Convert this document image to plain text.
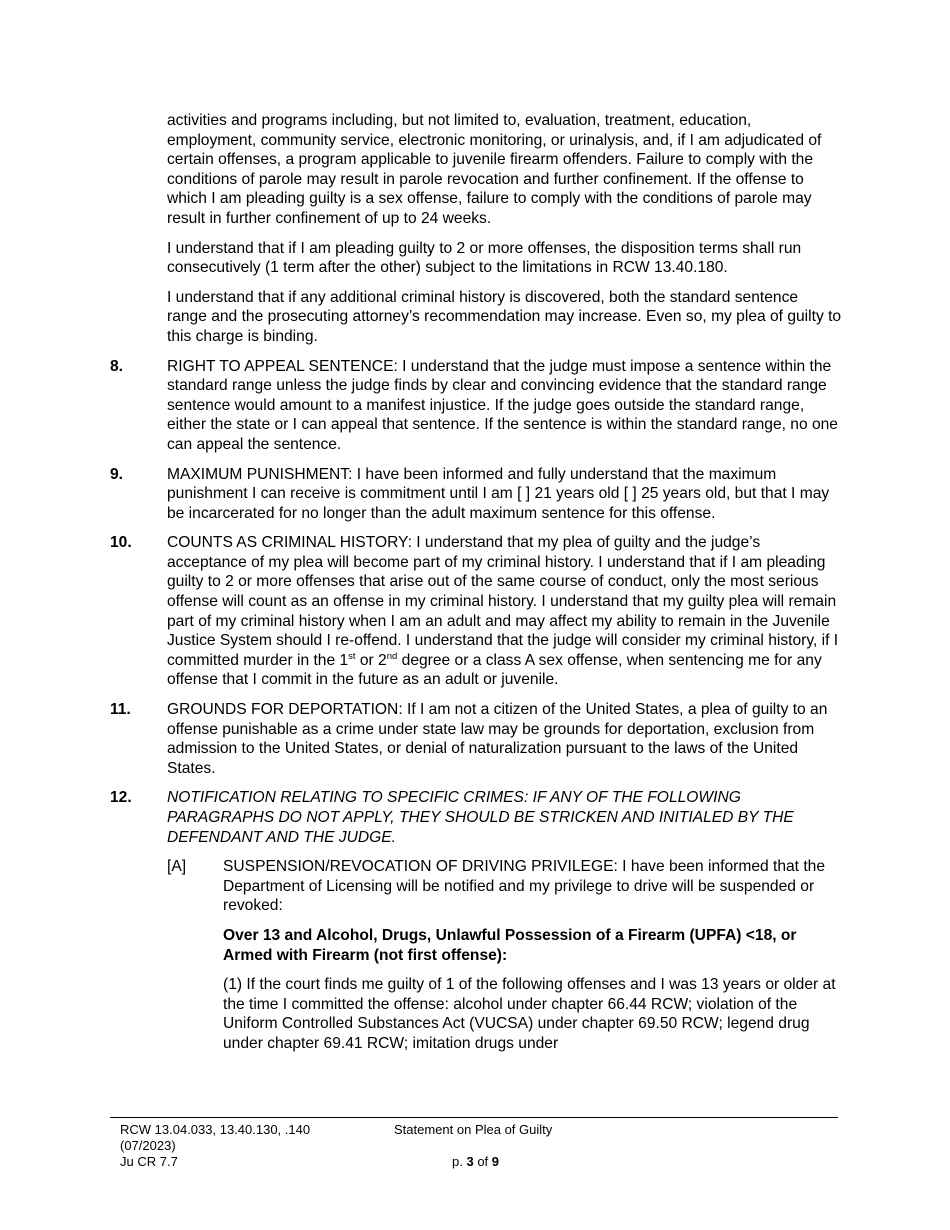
activities and programs including, but not limited to, evaluation, treatment, education, employment, community service, electronic monitoring, or urinalysis, and, if I am adjudicated of certain offenses, a program applicable to juvenile firearm offenders. Failure to comply with the conditions of parole may result in parole revocation and further confinement. If the offense to which I am pleading guilty is a sex offense, failure to comply with the conditions of parole may result in further confinement of up to 24 weeks.

I understand that if I am pleading guilty to 2 or more offenses, the disposition terms shall run consecutively (1 term after the other) subject to the limitations in RCW 13.40.180.

I understand that if any additional criminal history is discovered, both the standard sentence range and the prosecuting attorney’s recommendation may increase. Even so, my plea of guilty to this charge is binding.

8.	RIGHT TO APPEAL SENTENCE: I understand that the judge must impose a sentence within the standard range unless the judge finds by clear and convincing evidence that the standard range sentence would amount to a manifest injustice. If the judge goes outside the standard range, either the state or I can appeal that sentence. If the sentence is within the standard range, no one can appeal the sentence.
9.	MAXIMUM PUNISHMENT: I have been informed and fully understand that the maximum punishment I can receive is commitment until I am [ ] 21 years old [ ] 25 years old, but that I may be incarcerated for no longer than the adult maximum sentence for this offense.
10.	COUNTS AS CRIMINAL HISTORY: I understand that my plea of guilty and the judge’s acceptance of my plea will become part of my criminal history. I understand that if I am pleading guilty to 2 or more offenses that arise out of the same course of conduct, only the most serious offense will count as an offense in my criminal history. I understand that my guilty plea will remain part of my criminal history when I am an adult and may affect my ability to remain in the Juvenile Justice System should I re-offend. I understand that the judge will consider my criminal history, if I committed murder in the 1st or 2nd degree or a class A sex offense, when sentencing me for any offense that I commit in the future as an adult or juvenile.
11.	GROUNDS FOR DEPORTATION: If I am not a citizen of the United States, a plea of guilty to an offense punishable as a crime under state law may be grounds for deportation, exclusion from admission to the United States, or denial of naturalization pursuant to the laws of the United States.
12.	NOTIFICATION RELATING TO SPECIFIC CRIMES: IF ANY OF THE FOLLOWING PARAGRAPHS DO NOT APPLY, THEY SHOULD BE STRICKEN AND INITIALED BY THE DEFENDANT AND THE JUDGE.
[A]	SUSPENSION/REVOCATION OF DRIVING PRIVILEGE: I have been informed that the Department of Licensing will be notified and my privilege to drive will be suspended or revoked:

Over 13 and Alcohol, Drugs, Unlawful Possession of a Firearm (UPFA) <18, or Armed with Firearm (not first offense):

(1) If the court finds me guilty of 1 of the following offenses and I was 13 years or older at the time I committed the offense: alcohol under chapter 66.44 RCW; violation of the Uniform Controlled Substances Act (VUCSA) under chapter 69.50 RCW; legend drug under chapter 69.41 RCW; imitation drugs under

RCW 13.04.033, 13.40.130, .140
(07/2023)
Ju CR 7.7
Statement on Plea of Guilty
p. 3 of 9
